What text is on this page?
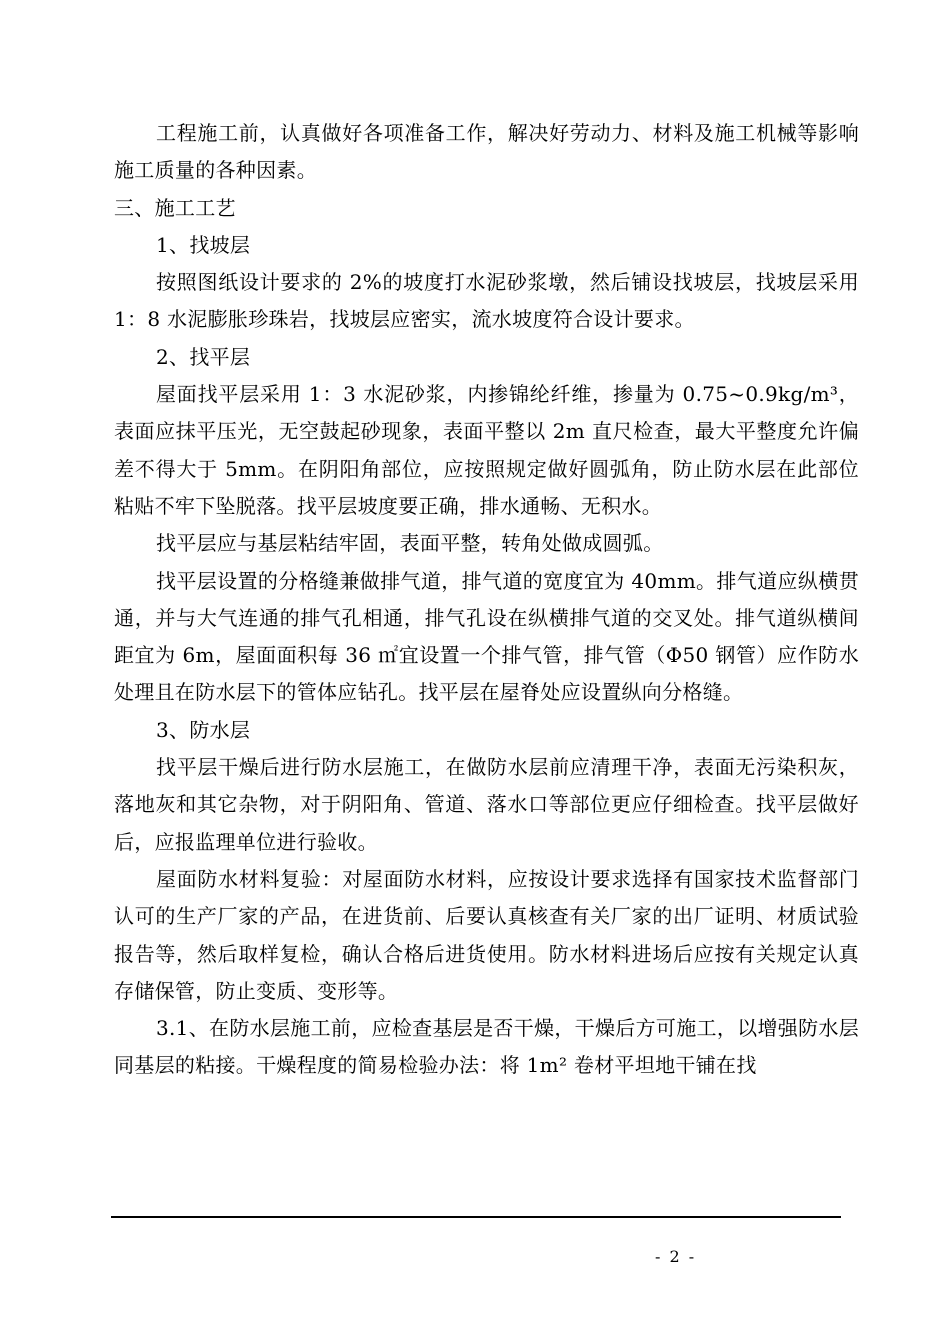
工程施工前，认真做好各项准备工作，解决好劳动力、材料及施工机械等影响施工质量的各种因素。

三、施工工艺

1、找坡层

按照图纸设计要求的 2%的坡度打水泥砂浆墩，然后铺设找坡层，找坡层采用 1：8 水泥膨胀珍珠岩，找坡层应密实，流水坡度符合设计要求。

2、找平层

屋面找平层采用 1：3 水泥砂浆，内掺锦纶纤维，掺量为 0.75~0.9kg/m³，表面应抹平压光，无空鼓起砂现象，表面平整以 2m 直尺检查，最大平整度允许偏差不得大于 5mm。在阴阳角部位，应按照规定做好圆弧角，防止防水层在此部位粘贴不牢下坠脱落。找平层坡度要正确，排水通畅、无积水。

找平层应与基层粘结牢固，表面平整，转角处做成圆弧。

找平层设置的分格缝兼做排气道，排气道的宽度宜为 40mm。排气道应纵横贯通，并与大气连通的排气孔相通，排气孔设在纵横排气道的交叉处。排气道纵横间距宜为 6m，屋面面积每 36 ㎡宜设置一个排气管，排气管（Φ50 钢管）应作防水处理且在防水层下的管体应钻孔。找平层在屋脊处应设置纵向分格缝。

3、防水层

找平层干燥后进行防水层施工，在做防水层前应清理干净，表面无污染积灰，落地灰和其它杂物，对于阴阳角、管道、落水口等部位更应仔细检查。找平层做好后，应报监理单位进行验收。

屋面防水材料复验：对屋面防水材料，应按设计要求选择有国家技术监督部门认可的生产厂家的产品，在进货前、后要认真核查有关厂家的出厂证明、材质试验报告等，然后取样复检，确认合格后进货使用。防水材料进场后应按有关规定认真存储保管，防止变质、变形等。

3.1、在防水层施工前，应检查基层是否干燥，干燥后方可施工，以增强防水层同基层的粘接。干燥程度的简易检验办法：将 1m² 卷材平坦地干铺在找

- 2 -
